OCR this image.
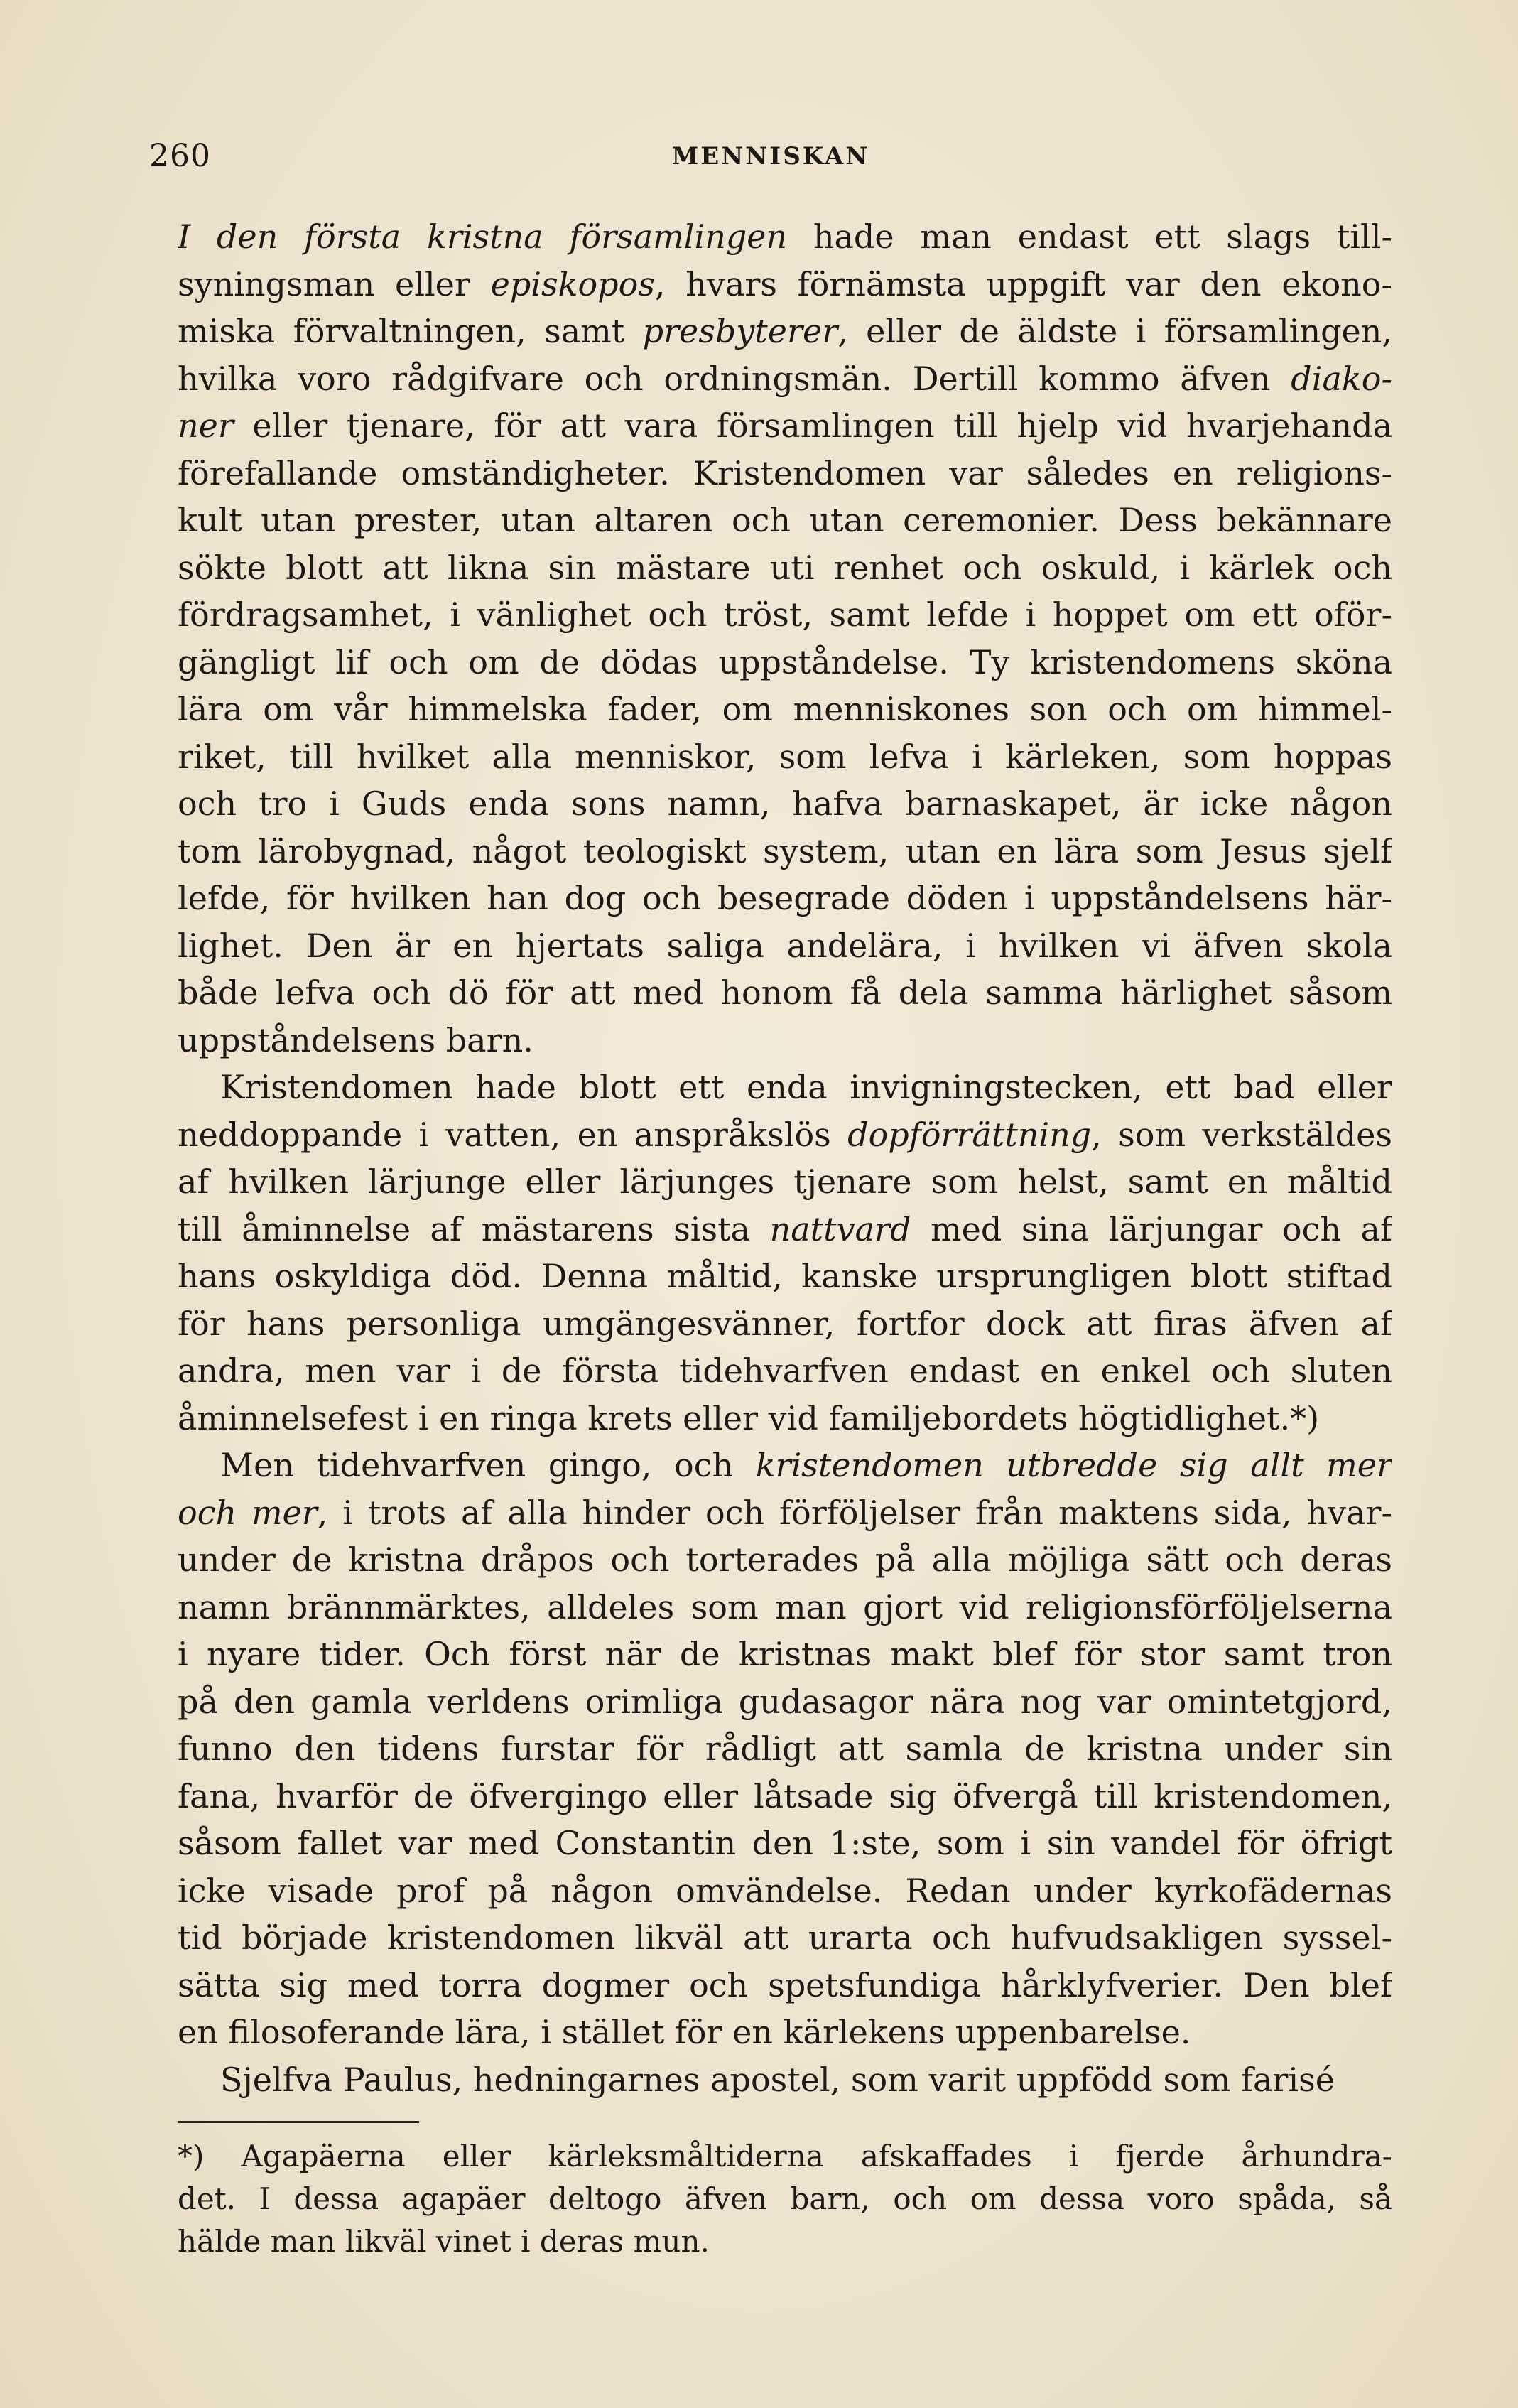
260	MENNISKAN
I den första kristna församlingen hade man endast ett slags till-
syningsman eller episkopos, hvars förnämsta uppgift var den ekono-
miska förvaltningen, samt presbyterer, eller de äldste i församlingen,
hvilka voro rådgifvare och ordningsmän. Dertill kommo äfven diako-
ner eller tjenare, för att vara församlingen till hjelp vid hvarjehanda
förefallande omständigheter. Kristendomen var således en religions-
kult utan prester, utan altaren och utan ceremonier. Dess bekännare
sökte blott att likna sin mästare uti renhet och oskuld, i kärlek och
fördragsamhet, i vänlighet och tröst, samt lefde i hoppet om ett oför-
gängligt lif och om de dödas uppståndelse. Ty kristendomens sköna
lära om vår himmelska fader, om menniskones son och om himmel-
riket, till hvilket alla menniskor, som lefva i kärleken, som hoppas
och tro i Guds enda sons namn, hafva barnaskapet, är icke någon
tom lärobygnad, något teologiskt system, utan en lära som Jesus sjelf
lefde, för hvilken han dog och besegrade döden i uppståndelsens här-
lighet. Den är en hjertats saliga andelära, i hvilken vi äfven skola
både lefva och dö för att med honom få dela samma härlighet såsom
uppståndelsens barn.
Kristendomen hade blott ett enda invigningstecken, ett bad eller
neddoppande i vatten, en anspråkslös dopförrättning, som verkstäldes
af hvilken lärjunge eller lärjunges tjenare som helst, samt en måltid
till åminnelse af mästarens sista nattvard med sina lärjungar och af
hans oskyldiga död. Denna måltid, kanske ursprungligen blott stiftad
för hans personliga umgängesvänner, fortfor dock att firas äfven af
andra, men var i de första tidehvarfven endast en enkel och sluten
åminnelsefest i en ringa krets eller vid familjebordets högtidlighet.*)
Men tidehvarfven gingo, och kristendomen utbredde sig allt mer
och mer, i trots af alla hinder och förföljelser från maktens sida, hvar-
under de kristna dråpos och torterades på alla möjliga sätt och deras
namn brännmärktes, alldeles som man gjort vid religionsförföljelserna
i nyare tider. Och först när de kristnas makt blef för stor samt tron
på den gamla verldens orimliga gudasagor nära nog var omintetgjord,
funno den tidens furstar för rådligt att samla de kristna under sin
fana, hvarför de öfvergingo eller låtsade sig öfvergå till kristendomen,
såsom fallet var med Constantin den 1:ste, som i sin vandel för öfrigt
icke visade prof på någon omvändelse. Redan under kyrkofädernas
tid började kristendomen likväl att urarta och hufvudsakligen syssel-
sätta sig med torra dogmer och spetsfundiga hårklyfverier. Den blef
en filosoferande lära, i stället för en kärlekens uppenbarelse.
Sjelfva Paulus, hedningarnes apostel, som varit uppfödd som farisé
*) Agapäerna eller kärleksmåltiderna afskaffades i fjerde århundra-
det. I dessa agapäer deltogo äfven barn, och om dessa voro spåda, så
hälde man likväl vinet i deras mun.
